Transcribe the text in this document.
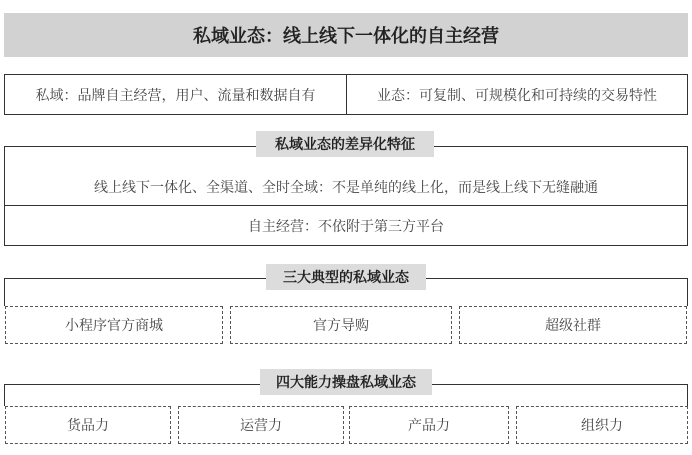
私域业态：线上线下一体化的自主经营
私域：品牌自主经营，用户、流量和数据自有	业态：可复制、可规模化和可持续的交易特性
私域业态的差异化特征
线上线下一体化、全渠道、全时全域：不是单纯的线上化，而是线上线下无缝融通
自主经营：不依附于第三方平台
三大典型的私域业态
小程序官方商城	官方导购	超级社群
四大能力操盘私域业态
货品力	运营力	产品力	组织力
